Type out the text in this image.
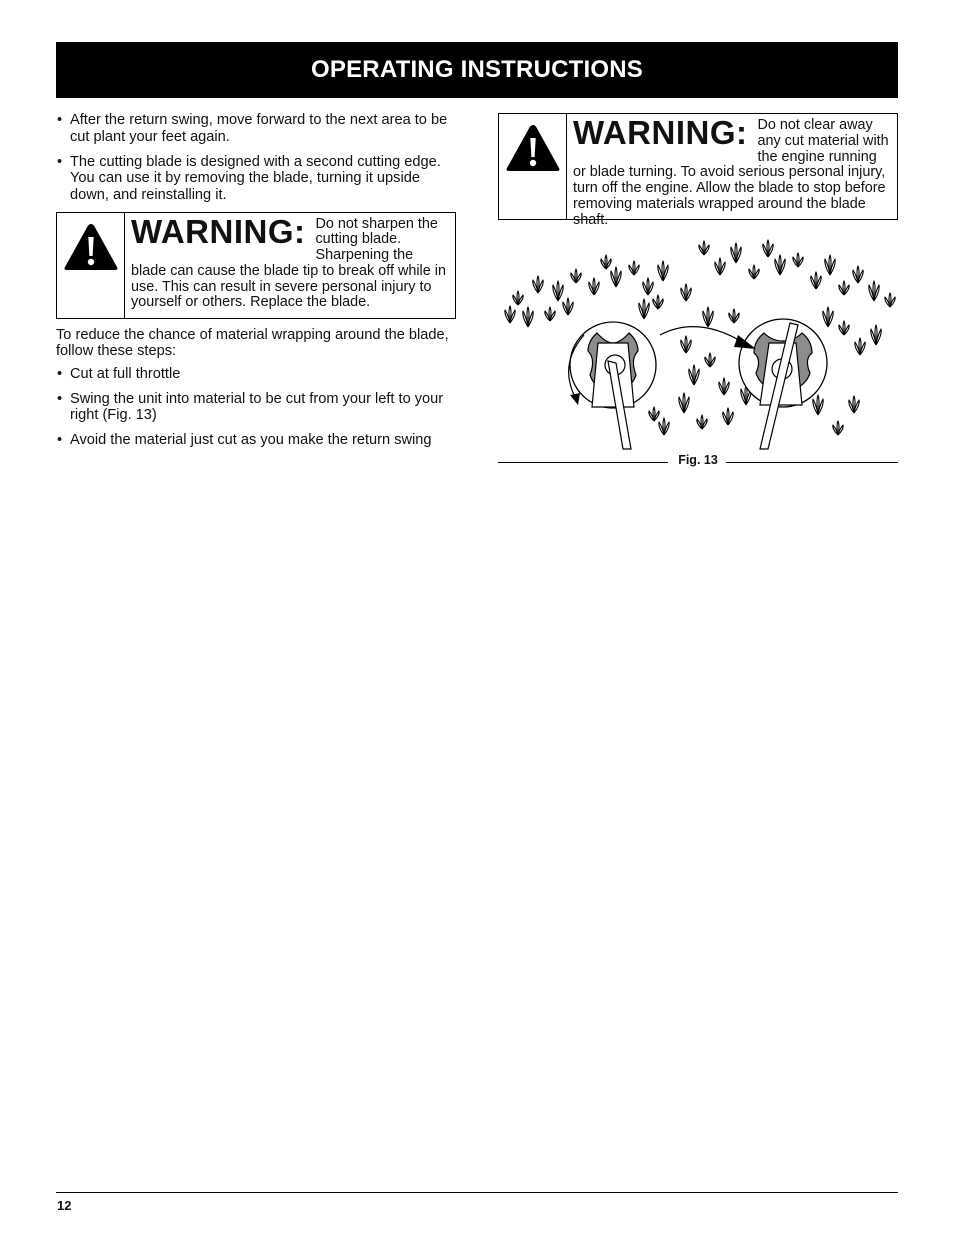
OPERATING INSTRUCTIONS
• After the return swing, move forward to the next area to be cut plant your feet again.
• The cutting blade is designed with a second cutting edge. You can use it by removing the blade, turning it upside down, and reinstalling it.
WARNING: Do not sharpen the cutting blade. Sharpening the blade can cause the blade tip to break off while in use. This can result in severe personal injury to yourself or others. Replace the blade.

To reduce the chance of material wrapping around the blade, follow these steps:

• Cut at full throttle
• Swing the unit into material to be cut from your left to your right (Fig. 13)
• Avoid the material just cut as you make the return swing
WARNING: Do not clear away any cut material with the engine running or blade turning. To avoid serious personal injury, turn off the engine. Allow the blade to stop before removing materials wrapped around the blade shaft.
Fig. 13
12
